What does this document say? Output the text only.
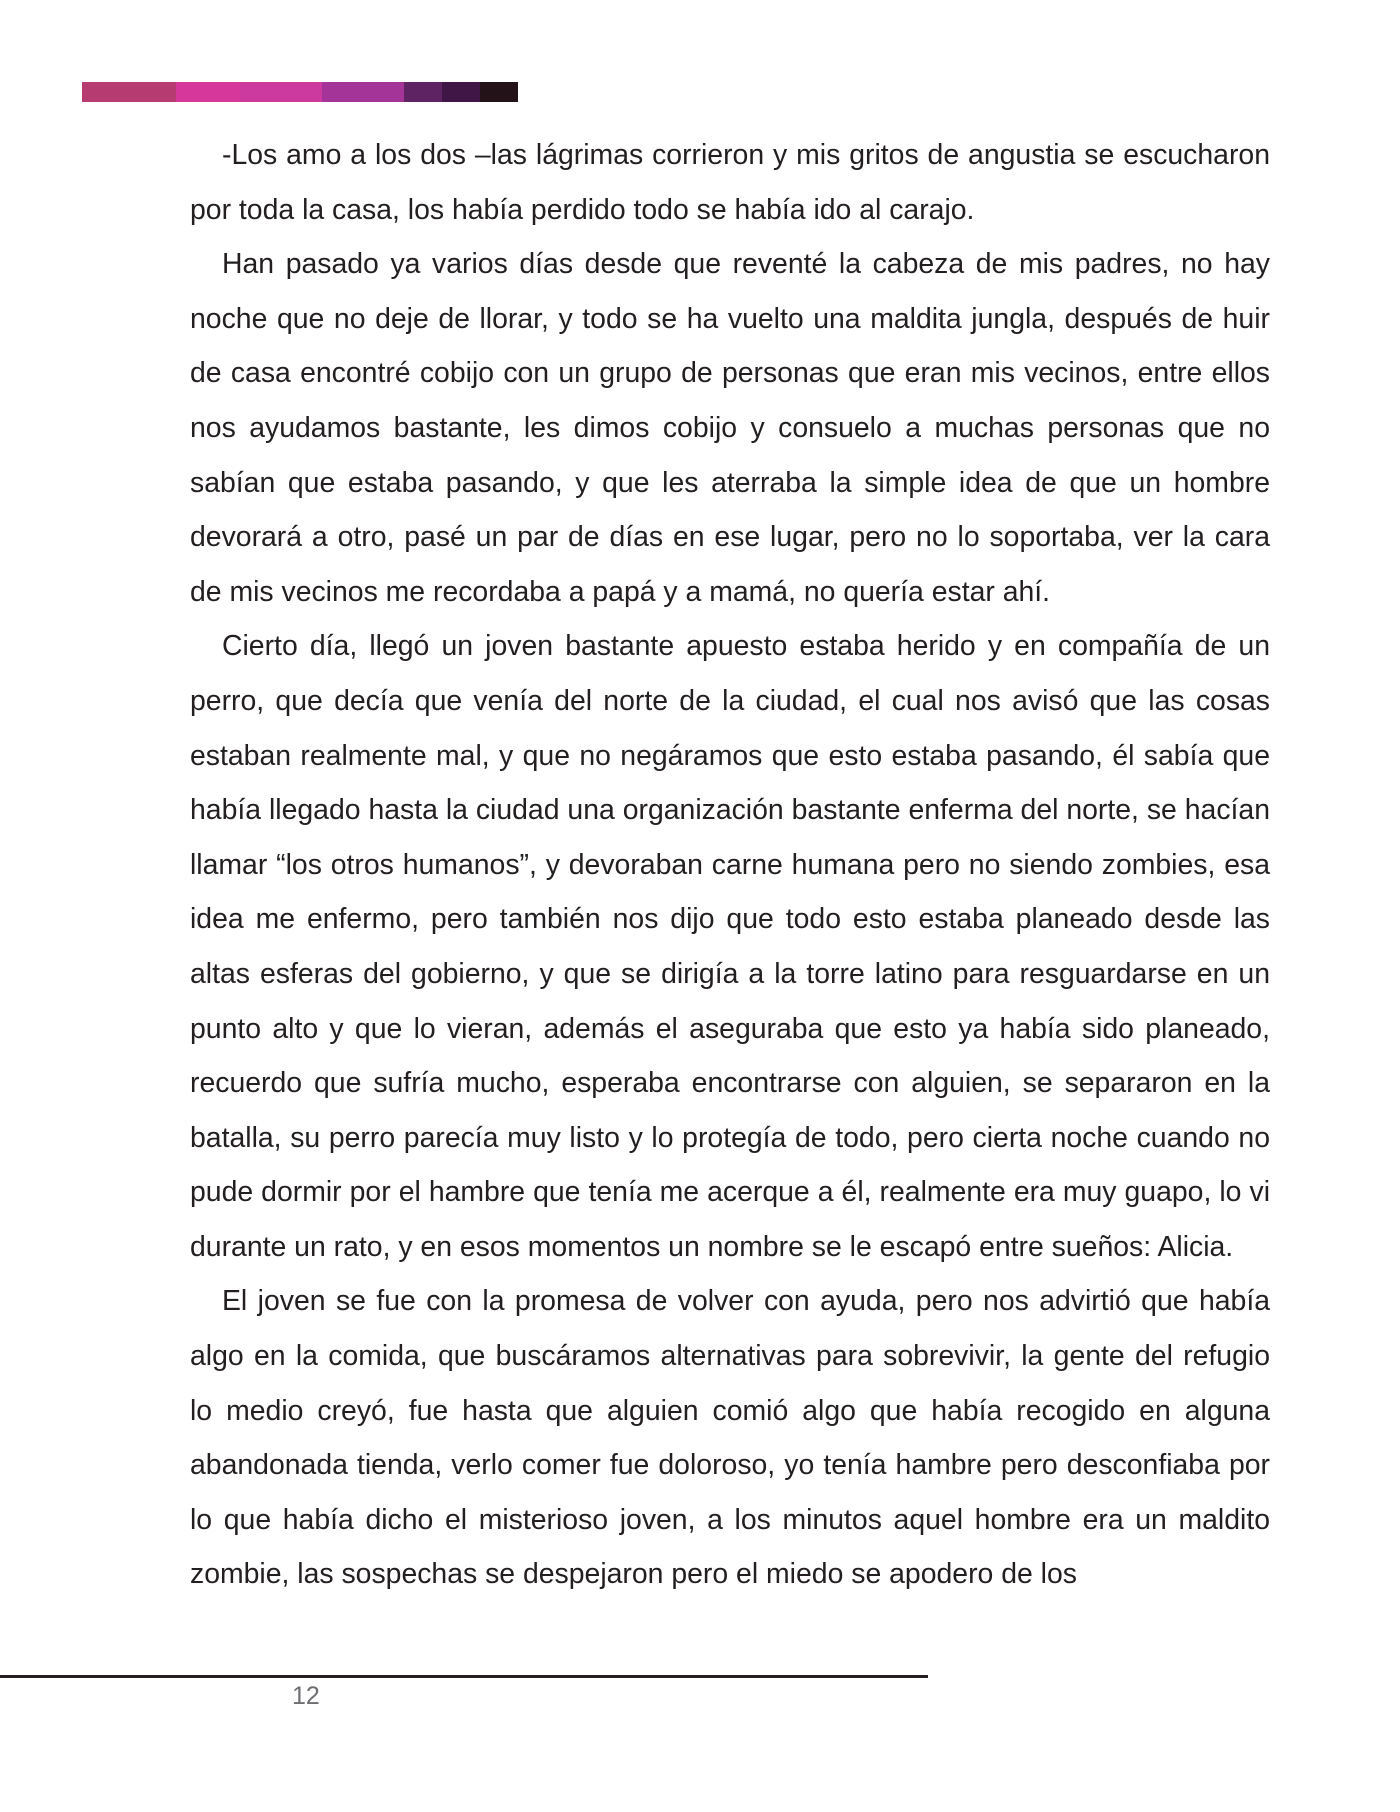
-Los amo a los dos –las lágrimas corrieron y mis gritos de angustia se escucharon por toda la casa, los había perdido todo se había ido al carajo.

Han pasado ya varios días desde que reventé la cabeza de mis padres, no hay noche que no deje de llorar, y todo se ha vuelto una maldita jungla, después de huir de casa encontré cobijo con un grupo de personas que eran mis vecinos, entre ellos nos ayudamos bastante, les dimos cobijo y consuelo a muchas personas que no sabían que estaba pasando, y que les aterraba la simple idea de que un hombre devorará a otro, pasé un par de días en ese lugar, pero no lo soportaba, ver la cara de mis vecinos me recordaba a papá y a mamá, no quería estar ahí.

Cierto día, llegó un joven bastante apuesto estaba herido y en compañía de un perro, que decía que venía del norte de la ciudad, el cual nos avisó que las cosas estaban realmente mal, y que no negáramos que esto estaba pasando, él sabía que había llegado hasta la ciudad una organización bastante enferma del norte, se hacían llamar “los otros humanos”, y devoraban carne humana pero no siendo zombies, esa idea me enfermo, pero también nos dijo que todo esto estaba planeado desde las altas esferas del gobierno, y que se dirigía a la torre latino para resguardarse en un punto alto y que lo vieran, además el aseguraba que esto ya había sido planeado, recuerdo que sufría mucho, esperaba encontrarse con alguien, se separaron en la batalla, su perro parecía muy listo y lo protegía de todo, pero cierta noche cuando no pude dormir por el hambre que tenía me acerque a él, realmente era muy guapo, lo vi durante un rato, y en esos momentos un nombre se le escapó entre sueños: Alicia.

El joven se fue con la promesa de volver con ayuda, pero nos advirtió que había algo en la comida, que buscáramos alternativas para sobrevivir, la gente del refugio lo medio creyó, fue hasta que alguien comió algo que había recogido en alguna abandonada tienda, verlo comer fue doloroso, yo tenía hambre pero desconfiaba por lo que había dicho el misterioso joven, a los minutos aquel hombre era un maldito zombie, las sospechas se despejaron pero el miedo se apodero de los

12
